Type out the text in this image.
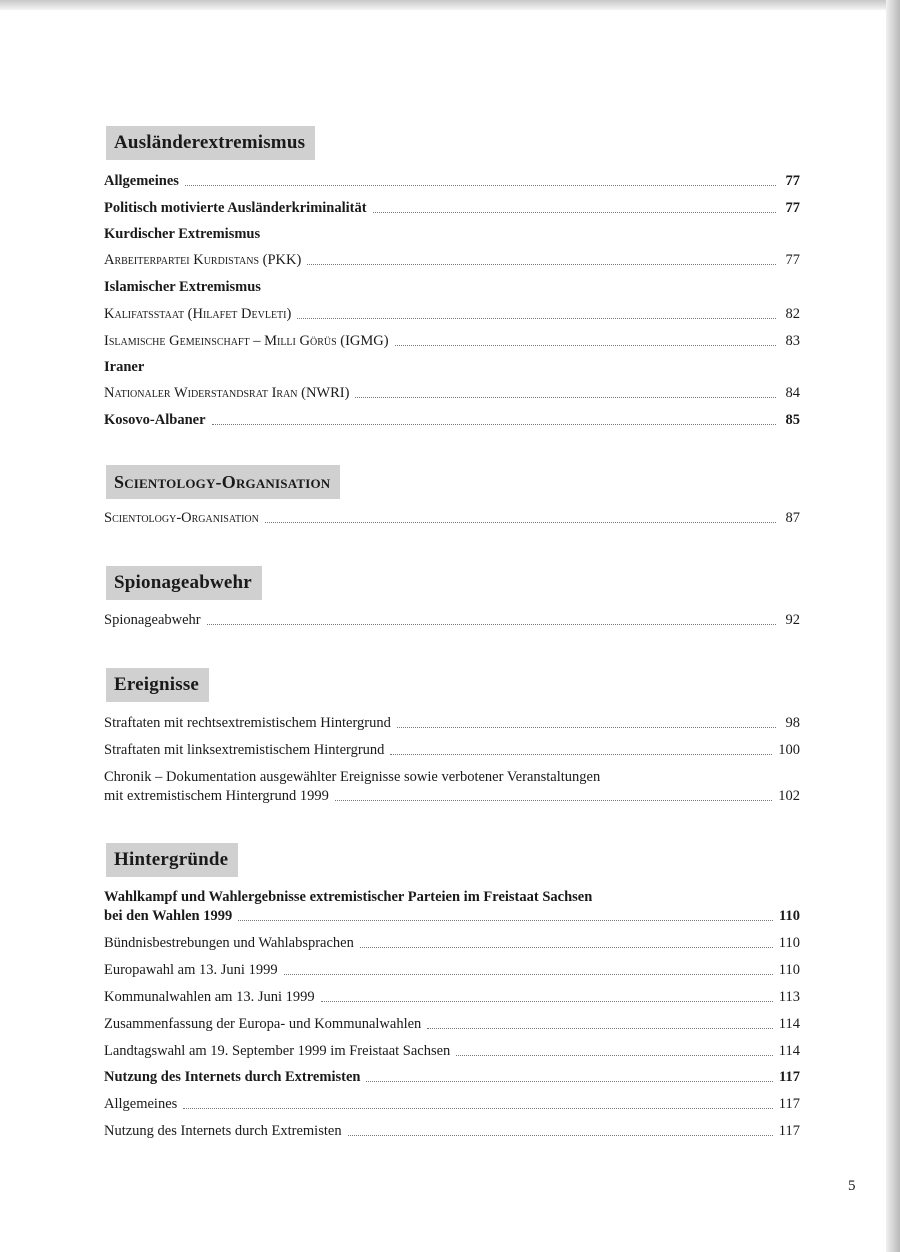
Ausländerextremismus
Allgemeines	77
Politisch motivierte Ausländerkriminalität	77
Kurdischer Extremismus
Arbeiterpartei Kurdistans (PKK)	77
Islamischer Extremismus
Kalifatsstaat (Hilafet Devleti)	82
Islamische Gemeinschaft – Milli Görüs (IGMG)	83
Iraner
Nationaler Widerstandsrat Iran (NWRI)	84
Kosovo-Albaner	85
Scientology-Organisation
Scientology-Organisation	87
Spionageabwehr
Spionageabwehr	92
Ereignisse
Straftaten mit rechtsextremistischem Hintergrund	98
Straftaten mit linksextremistischem Hintergrund	100
Chronik – Dokumentation ausgewählter Ereignisse sowie verbotener Veranstaltungen
mit extremistischem Hintergrund 1999	102
Hintergründe
Wahlkampf und Wahlergebnisse extremistischer Parteien im Freistaat Sachsen
bei den Wahlen 1999	110
Bündnisbestrebungen und Wahlabsprachen	110
Europawahl am 13. Juni 1999	110
Kommunalwahlen am 13. Juni 1999	113
Zusammenfassung der Europa- und Kommunalwahlen	114
Landtagswahl am 19. September 1999 im Freistaat Sachsen	114
Nutzung des Internets durch Extremisten	117
Allgemeines	117
Nutzung des Internets durch Extremisten	117
5
